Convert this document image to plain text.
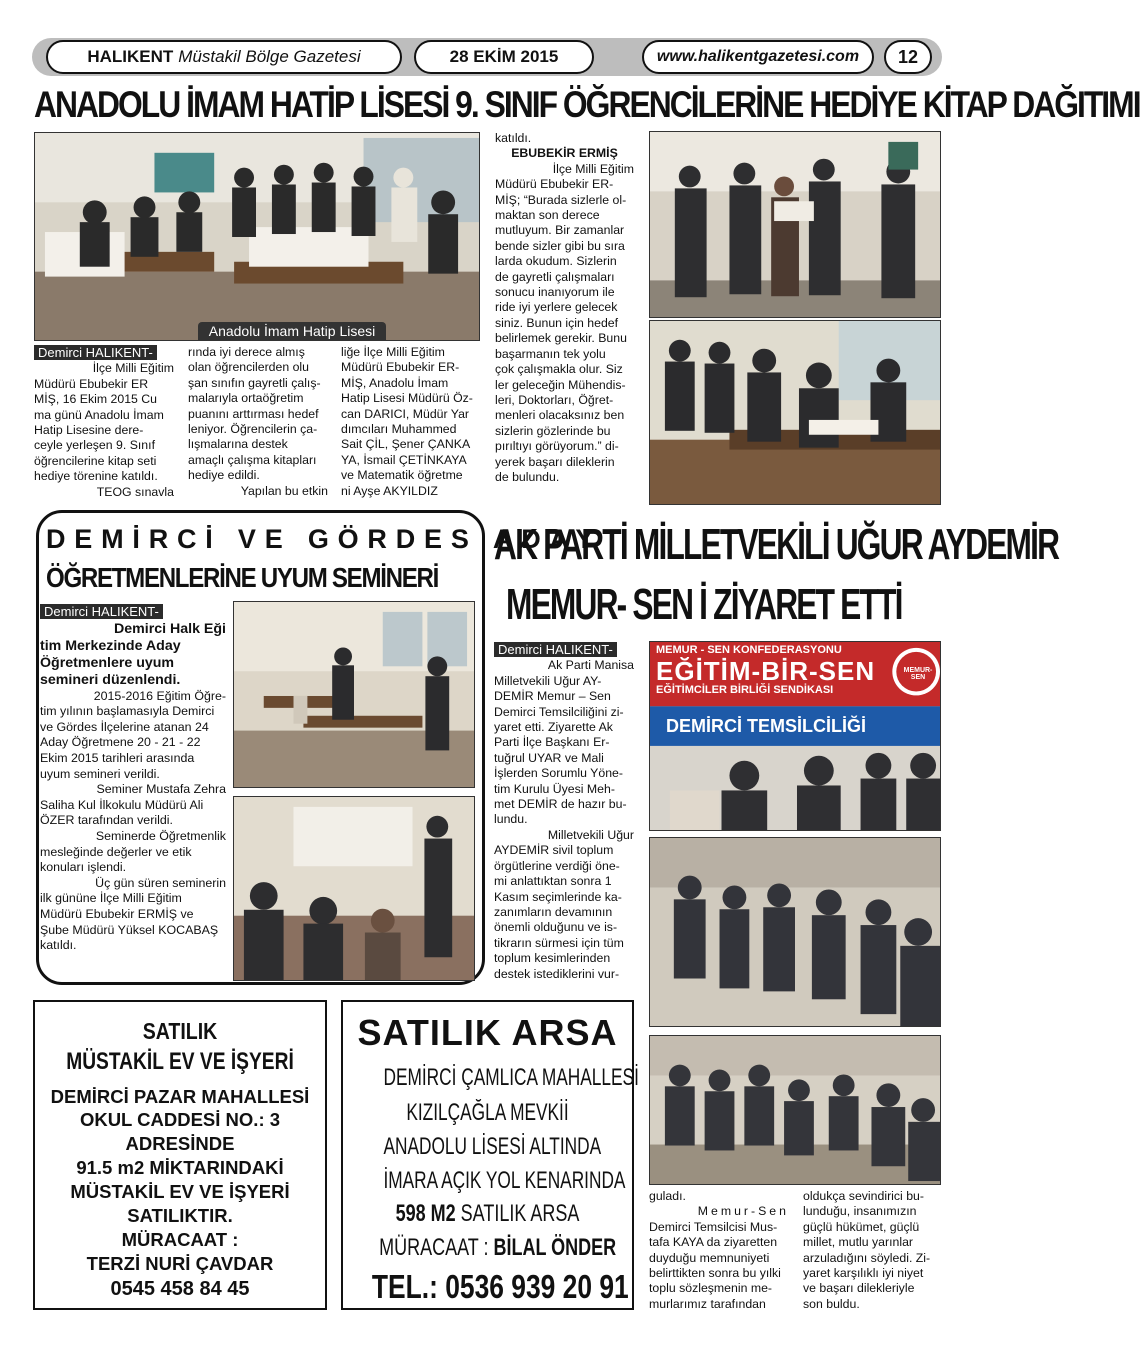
HALIKENT Müstakil Bölge Gazetesi	28 EKİM 2015	www.halikentgazetesi.com	12
ANADOLU İMAM HATİP LİSESİ 9. SINIF ÖĞRENCİLERİNE HEDİYE KİTAP DAĞITIMI
Anadolu İmam Hatip Lisesi

Demirci HALIKENT-

İlçe Milli Eğitim

Müdürü Ebubekir ER

MİŞ, 16 Ekim 2015 Cu

ma günü Anadolu İmam

Hatip Lisesine dere-

ceyle yerleşen 9. Sınıf

öğrencilerine kitap seti

hediye törenine katıldı.

TEOG sınavla

rında iyi derece almış

olan öğrencilerden olu

şan sınıfın gayretli çalış-

malarıyla ortaöğretim

puanını arttırması hedef

leniyor. Öğrencilerin ça-

lışmalarına destek

amaçlı çalışma kitapları

hediye edildi.

Yapılan bu etkin

liğe İlçe Milli Eğitim

Müdürü Ebubekir ER-

MİŞ, Anadolu İmam

Hatip Lisesi Müdürü Öz-

can DARICI, Müdür Yar

dımcıları Muhammed

Sait ÇİL, Şener ÇANKA

YA, İsmail ÇETİNKAYA

ve Matematik öğretme

ni Ayşe AKYILDIZ

katıldı.

EBUBEKİR ERMİŞ

İlçe Milli Eğitim

Müdürü Ebubekir ER-

MİŞ; “Burada sizlerle ol-

maktan son derece

mutluyum. Bir zamanlar

bende sizler gibi bu sıra

larda okudum. Sizlerin

de gayretli çalışmaları

sonucu inanıyorum ile

ride iyi yerlere gelecek

siniz. Bunun için hedef

belirlemek gerekir. Bunu

başarmanın tek yolu

çok çalışmakla olur. Siz

ler geleceğin Mühendis-

leri, Doktorları, Öğret-

menleri olacaksınız ben

sizlerin gözlerinde bu

pırıltıyı görüyorum.” di-

yerek başarı dileklerin

de bulundu.

DEMİRCİ VE GÖRDES ADAY
ÖĞRETMENLERİNE UYUM SEMİNERİ

Demirci HALIKENT-

Demirci Halk Eği

tim Merkezinde Aday

Öğretmenlere uyum

semineri düzenlendi.

2015-2016 Eğitim Öğre-

tim yılının başlamasıyla Demirci

ve Gördes İlçelerine atanan 24

Aday Öğretmene 20 - 21 - 22

Ekim 2015 tarihleri arasında

uyum semineri verildi.

Seminer Mustafa Zehra

Saliha Kul İlkokulu Müdürü Ali

ÖZER tarafından verildi.

Seminerde Öğretmenlik

mesleğinde değerler ve etik

konuları işlendi.

Üç gün süren seminerin

ilk gününe İlçe Milli Eğitim

Müdürü Ebubekir ERMİŞ ve

Şube Müdürü Yüksel KOCABAŞ

katıldı.

AK PARTİ MİLLETVEKİLİ UĞUR AYDEMİR
MEMUR- SEN İ ZİYARET ETTİ

Demirci HALIKENT-

Ak Parti Manisa

Milletvekili Uğur AY-

DEMİR Memur – Sen

Demirci Temsilciliğini zi-

yaret etti. Ziyarette Ak

Parti İlçe Başkanı Er-

tuğrul UYAR ve Mali

İşlerden Sorumlu Yöne-

tim Kurulu Üyesi Meh-

met DEMİR de hazır bu-

lundu.

Milletvekili Uğur

AYDEMİR sivil toplum

örgütlerine verdiği öne-

mi anlattıktan sonra 1

Kasım seçimlerinde ka-

zanımların devamının

önemli olduğunu ve is-

tikrarın sürmesi için tüm

toplum kesimlerinden

destek istediklerini vur-

MEMUR - SEN KONFEDERASYONU
EĞİTİM-BİR-SEN
EĞİTİMCİLER BİRLİĞİ SENDİKASI
DEMİRCİ TEMSİLCİLİĞİ
MEMUR-SEN

guladı.

Memur-Sen

Demirci Temsilcisi Mus-

tafa KAYA da ziyaretten

duyduğu memnuniyeti

belirttikten sonra bu yılki

toplu sözleşmenin me-

murlarımız tarafından

oldukça sevindirici bu-

lunduğu, insanımızın

güçlü hükümet, güçlü

millet, mutlu yarınlar

arzuladığını söyledi. Zi-

yaret karşılıklı iyi niyet

ve başarı dilekleriyle

son buldu.

SATILIK
MÜSTAKİL EV VE İŞYERİ
DEMİRCİ PAZAR MAHALLESİ
OKUL CADDESİ NO.: 3
ADRESİNDE
91.5 m2 MİKTARINDAKİ
MÜSTAKİL EV VE İŞYERİ
SATILIKTIR.
MÜRACAAT :
TERZİ NURİ ÇAVDAR
0545 458 84 45
SATILIK ARSA
DEMİRCİ ÇAMLICA MAHALLESİ
KIZILÇAĞLA MEVKİİ
ANADOLU LİSESİ ALTINDA
İMARA AÇIK YOL KENARINDA
598 M2 SATILIK ARSA
MÜRACAAT : BİLAL ÖNDER
TEL.: 0536 939 20 91
